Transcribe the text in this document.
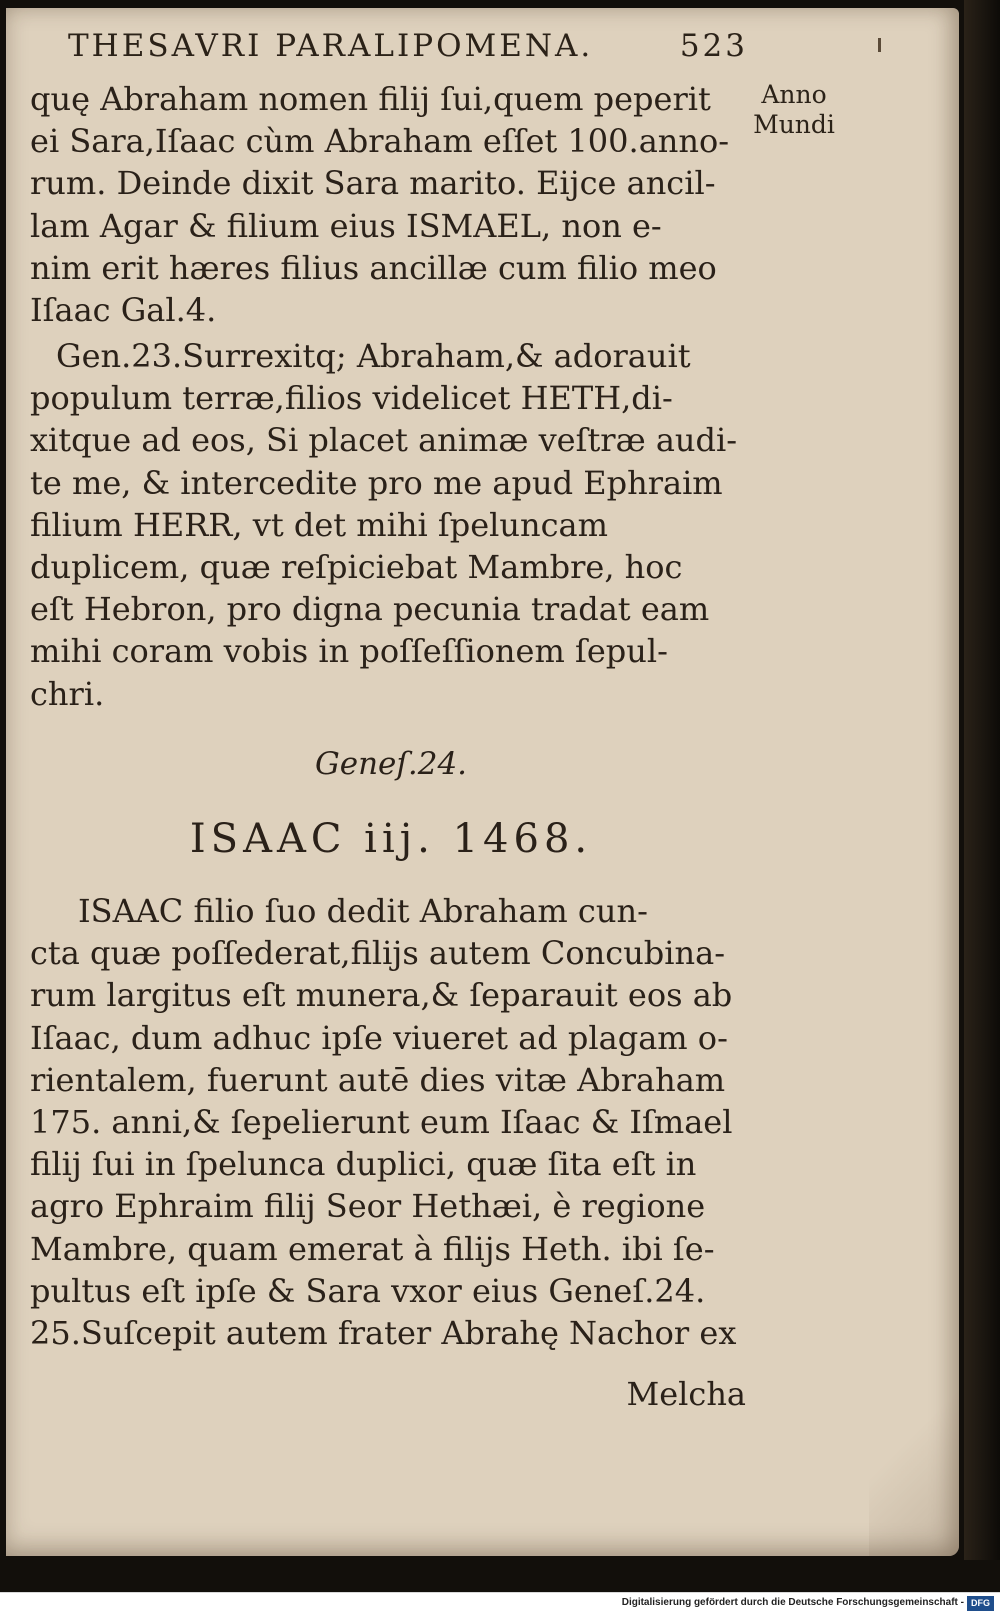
THESAVRI PARALIPOMENA.	523
Anno
Mundi
quę Abraham nomen filij ſui,quem peperit
ei Sara,Iſaac cùm Abraham eſſet 100.anno-
rum. Deinde dixit Sara marito. Eijce ancil-
lam Agar & filium eius ISMAEL, non e-
nim erit hæres filius ancillæ cum filio meo
Iſaac Gal.4.
Gen.23.Surrexitq; Abraham,& adorauit
populum terræ,filios videlicet HETH,di-
xitque ad eos, Si placet animæ veſtræ audi-
te me, & intercedite pro me apud Ephraim
filium HERR, vt det mihi ſpeluncam
duplicem, quæ reſpiciebat Mambre, hoc
eſt Hebron, pro digna pecunia tradat eam
mihi coram vobis in poſſeſſionem ſepul-
chri.
Geneſ.24.
ISAAC iij. 1468.
ISAAC filio ſuo dedit Abraham cun-
cta quæ poſſederat,filijs autem Concubina-
rum largitus eſt munera,& ſeparauit eos ab
Iſaac, dum adhuc ipſe viueret ad plagam o-
rientalem, fuerunt autē dies vitæ Abraham
175. anni,& ſepelierunt eum Iſaac & Iſmael
filij ſui in ſpelunca duplici, quæ ſita eſt in
agro Ephraim filij Seor Hethæi, è regione
Mambre, quam emerat à filijs Heth. ibi ſe-
pultus eſt ipſe & Sara vxor eius Geneſ.24.
25.Suſcepit autem frater Abrahę Nachor ex
Melcha
Digitalisierung gefördert durch die Deutsche Forschungsgemeinschaft - DFG
